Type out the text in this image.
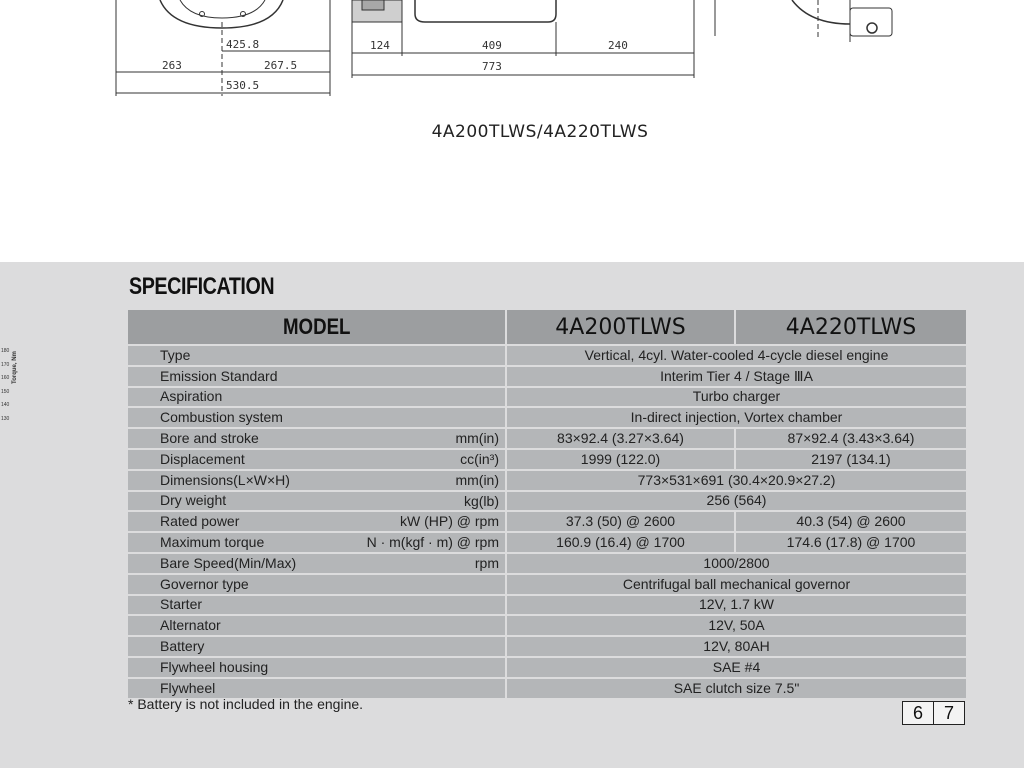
425.8
263	267.5
530.5
124	409	240
773
4A200TLWS/4A220TLWS
180
170
160
150
140
130
Torque, Nm
SPECIFICATION
MODEL	4A200TLWS	4A220TLWS
Type	Vertical, 4cyl. Water-cooled 4-cycle diesel engine	
Emission Standard	Interim Tier 4 / Stage ⅢA	
Aspiration	Turbo charger	
Combustion system	In-direct injection, Vortex chamber	
Bore and stroke mm(in)	83×92.4 (3.27×3.64)	87×92.4 (3.43×3.64)
Displacement cc(in³)	1999 (122.0)	2197 (134.1)
Dimensions(L×W×H) mm(in)	773×531×691 (30.4×20.9×27.2)	
Dry weight kg(lb)	256 (564)	
Rated power kW (HP) @ rpm	37.3 (50) @ 2600	40.3 (54) @ 2600
Maximum torque N · m(kgf · m) @ rpm	160.9 (16.4) @ 1700	174.6 (17.8) @ 1700
Bare Speed(Min/Max) rpm	1000/2800	
Governor type	Centrifugal ball mechanical governor	
Starter	12V, 1.7 kW	
Alternator	12V, 50A	
Battery	12V, 80AH	
Flywheel housing	SAE #4	
Flywheel	SAE clutch size 7.5"	
* Battery is not included in the engine.	6	7
